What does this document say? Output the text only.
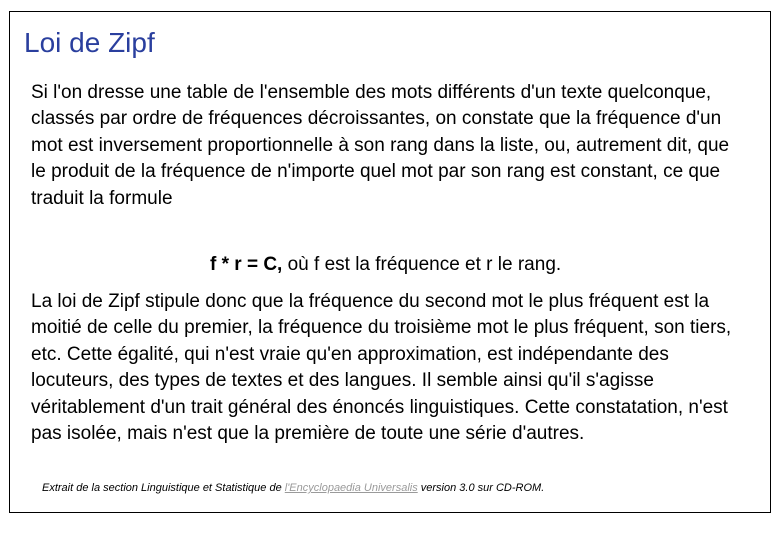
Loi de Zipf

Si l'on dresse une table de l'ensemble des mots différents d'un texte quelconque, classés par ordre de fréquences décroissantes, on constate que la fréquence d'un mot est inversement proportionnelle à son rang dans la liste, ou, autrement dit, que le produit de la fréquence de n'importe quel mot par son rang est constant, ce que traduit la formule

f * r = C, où f est la fréquence et r le rang.

La loi de Zipf stipule donc que la fréquence du second mot le plus fréquent est la moitié de celle du premier, la fréquence du troisième mot le plus fréquent, son tiers, etc. Cette égalité, qui n'est vraie qu'en approximation, est indépendante des locuteurs, des types de textes et des langues. Il semble ainsi qu'il s'agisse véritablement d'un trait général des énoncés linguistiques. Cette constatation, n'est pas isolée, mais n'est que la première de toute une série d'autres.

Extrait de la section Linguistique et Statistique de l'Encyclopaedia Universalis version 3.0 sur CD-ROM.
